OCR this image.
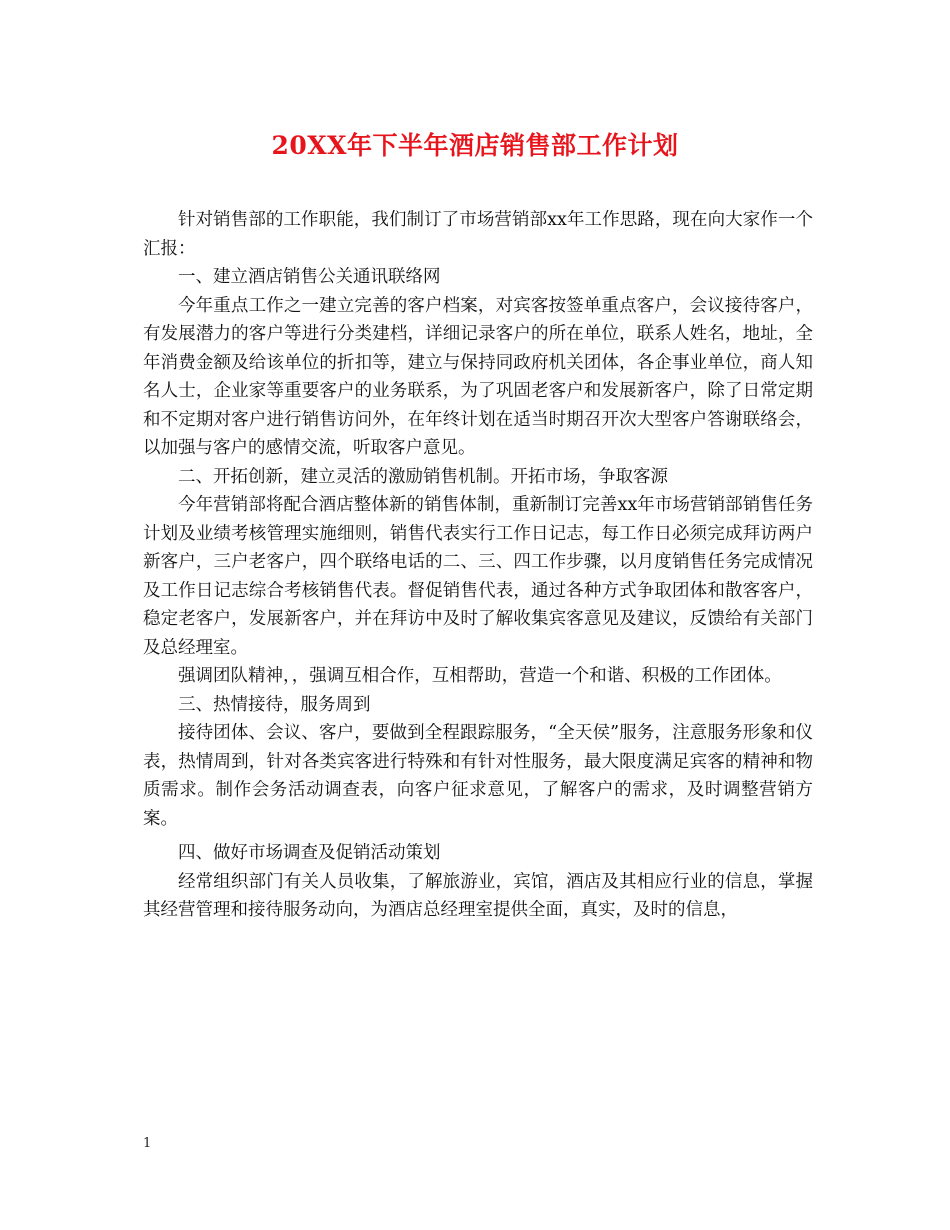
20XX年下半年酒店销售部工作计划

针对销售部的工作职能，我们制订了市场营销部xx年工作思路，现在向大家作一个汇报：

一、建立酒店销售公关通讯联络网

今年重点工作之一建立完善的客户档案，对宾客按签单重点客户，会议接待客户，有发展潜力的客户等进行分类建档，详细记录客户的所在单位，联系人姓名，地址，全年消费金额及给该单位的折扣等，建立与保持同政府机关团体，各企事业单位，商人知名人士，企业家等重要客户的业务联系，为了巩固老客户和发展新客户，除了日常定期和不定期对客户进行销售访问外，在年终计划在适当时期召开次大型客户答谢联络会，以加强与客户的感情交流，听取客户意见。

二、开拓创新，建立灵活的激励销售机制。开拓市场，争取客源

今年营销部将配合酒店整体新的销售体制，重新制订完善xx年市场营销部销售任务计划及业绩考核管理实施细则，销售代表实行工作日记志，每工作日必须完成拜访两户新客户，三户老客户，四个联络电话的二、三、四工作步骤，以月度销售任务完成情况及工作日记志综合考核销售代表。督促销售代表，通过各种方式争取团体和散客客户，稳定老客户，发展新客户，并在拜访中及时了解收集宾客意见及建议，反馈给有关部门及总经理室。

强调团队精神，，强调互相合作，互相帮助，营造一个和谐、积极的工作团体。

三、热情接待，服务周到

接待团体、会议、客户，要做到全程跟踪服务，“全天侯”服务，注意服务形象和仪表，热情周到，针对各类宾客进行特殊和有针对性服务，最大限度满足宾客的精神和物质需求。制作会务活动调查表，向客户征求意见，了解客户的需求，及时调整营销方案。

四、做好市场调查及促销活动策划

经常组织部门有关人员收集，了解旅游业，宾馆，酒店及其相应行业的信息，掌握其经营管理和接待服务动向，为酒店总经理室提供全面，真实，及时的信息，

1
